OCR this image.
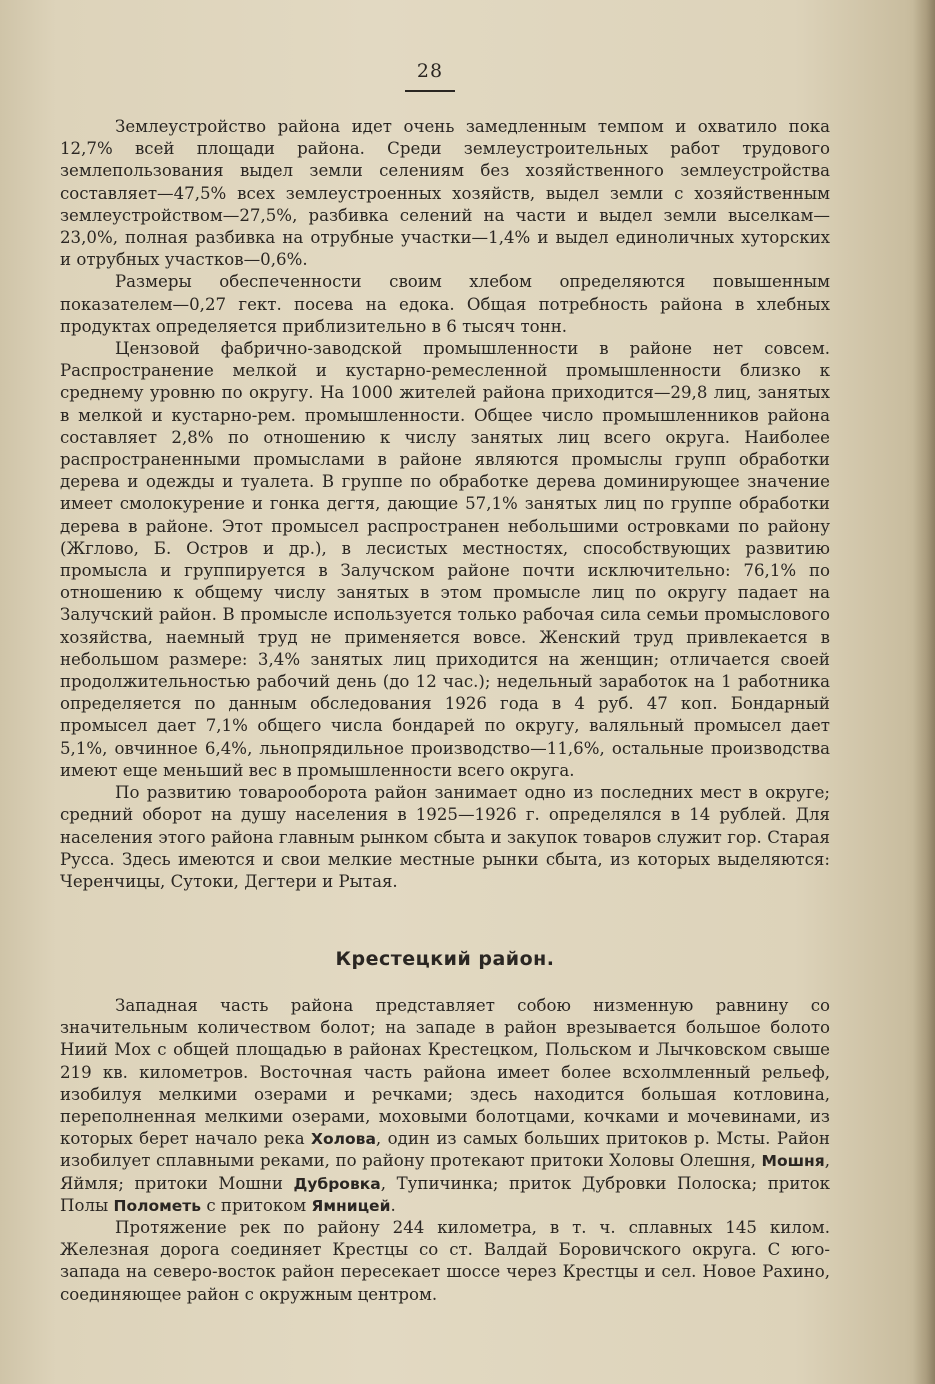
28

Землеустройство района идет очень замедленным темпом и охватило пока 12,7% всей площади района. Среди землеустроительных работ трудового землепользования выдел земли селениям без хозяйственного землеустройства составляет—47,5% всех землеустроенных хозяйств, выдел земли с хозяйственным землеустройством—27,5%, разбивка селений на части и выдел земли выселкам—23,0%, полная разбивка на отрубные участки—1,4% и выдел единоличных хуторских и отрубных участков—0,6%.

Размеры обеспеченности своим хлебом определяются повышенным показателем—0,27 гект. посева на едока. Общая потребность района в хлебных продуктах определяется приблизительно в 6 тысяч тонн.

Цензовой фабрично-заводской промышленности в районе нет совсем. Распространение мелкой и кустарно-ремесленной промышленности близко к среднему уровню по округу. На 1000 жителей района приходится—29,8 лиц, занятых в мелкой и кустарно-рем. промышленности. Общее число промышленников района составляет 2,8% по отношению к числу занятых лиц всего округа. Наиболее распространенными промыслами в районе являются промыслы групп обработки дерева и одежды и туалета. В группе по обработке дерева доминирующее значение имеет смолокурение и гонка дегтя, дающие 57,1% занятых лиц по группе обработки дерева в районе. Этот промысел распространен небольшими островками по району (Жглово, Б. Остров и др.), в лесистых местностях, способствующих развитию промысла и группируется в Залучском районе почти исключительно: 76,1% по отношению к общему числу занятых в этом промысле лиц по округу падает на Залучский район. В промысле используется только рабочая сила семьи промыслового хозяйства, наемный труд не применяется вовсе. Женский труд привлекается в небольшом размере: 3,4% занятых лиц приходится на женщин; отличается своей продолжительностью рабочий день (до 12 час.); недельный заработок на 1 работника определяется по данным обследования 1926 года в 4 руб. 47 коп. Бондарный промысел дает 7,1% общего числа бондарей по округу, валяльный промысел дает 5,1%, овчинное 6,4%, льнопрядильное производство—11,6%, остальные производства имеют еще меньший вес в промышленности всего округа.

По развитию товарооборота район занимает одно из последних мест в округе; средний оборот на душу населения в 1925—1926 г. определялся в 14 рублей. Для населения этого района главным рынком сбыта и закупок товаров служит гор. Старая Русса. Здесь имеются и свои мелкие местные рынки сбыта, из которых выделяются: Черенчицы, Сутоки, Дегтери и Рытая.

Крестецкий район.

Западная часть района представляет собою низменную равнину со значительным количеством болот; на западе в район врезывается большое болото Ниий Мох с общей площадью в районах Крестецком, Польском и Лычковском свыше 219 кв. километров. Восточная часть района имеет более всхолмленный рельеф, изобилуя мелкими озерами и речками; здесь находится большая котловина, переполненная мелкими озерами, моховыми болотцами, кочками и мочевинами, из которых берет начало река Холова, один из самых больших притоков р. Мсты. Район изобилует сплавными реками, по району протекают притоки Холовы Олешня, Мошня, Яймля; притоки Мошни Дубровка, Тупичинка; приток Дубровки Полоска; приток Полы Полометь с притоком Ямницей.

Протяжение рек по району 244 километра, в т. ч. сплавных 145 килом. Железная дорога соединяет Крестцы со ст. Валдай Боровичского округа. С юго-запада на северо-восток район пересекает шоссе через Крестцы и сел. Новое Рахино, соединяющее район с окружным центром.
